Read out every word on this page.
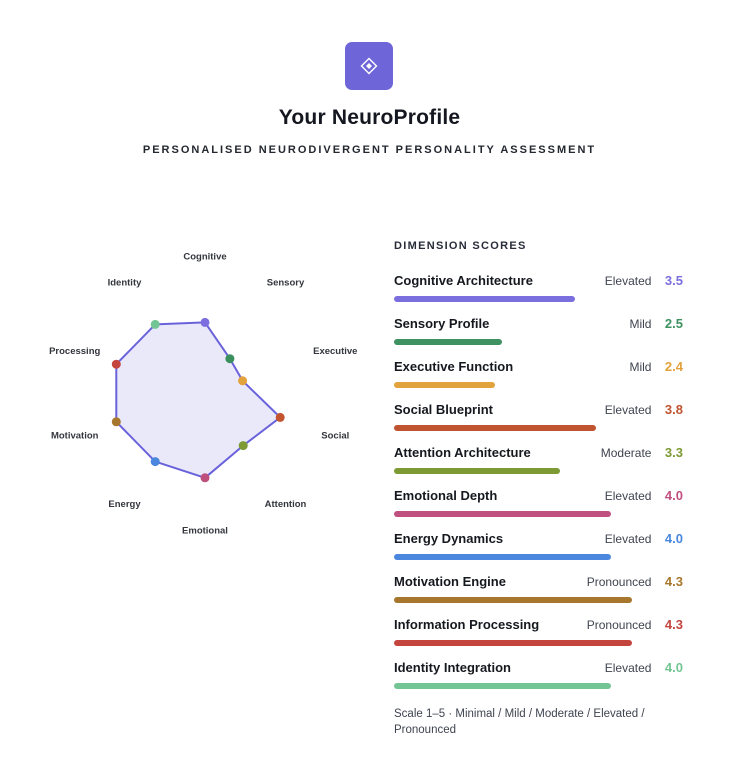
Your NeuroProfile
PERSONALISED NEURODIVERGENT PERSONALITY ASSESSMENT
Cognitive
Sensory
Executive
Social
Attention
Emotional
Energy
Motivation
Processing
Identity
DIMENSION SCORES
Cognitive Architecture	Elevated 3.5
Sensory Profile	Mild 2.5
Executive Function	Mild 2.4
Social Blueprint	Elevated 3.8
Attention Architecture	Moderate 3.3
Emotional Depth	Elevated 4.0
Energy Dynamics	Elevated 4.0
Motivation Engine	Pronounced 4.3
Information Processing	Pronounced 4.3
Identity Integration	Elevated 4.0
Scale 1–5 · Minimal / Mild / Moderate / Elevated / Pronounced
